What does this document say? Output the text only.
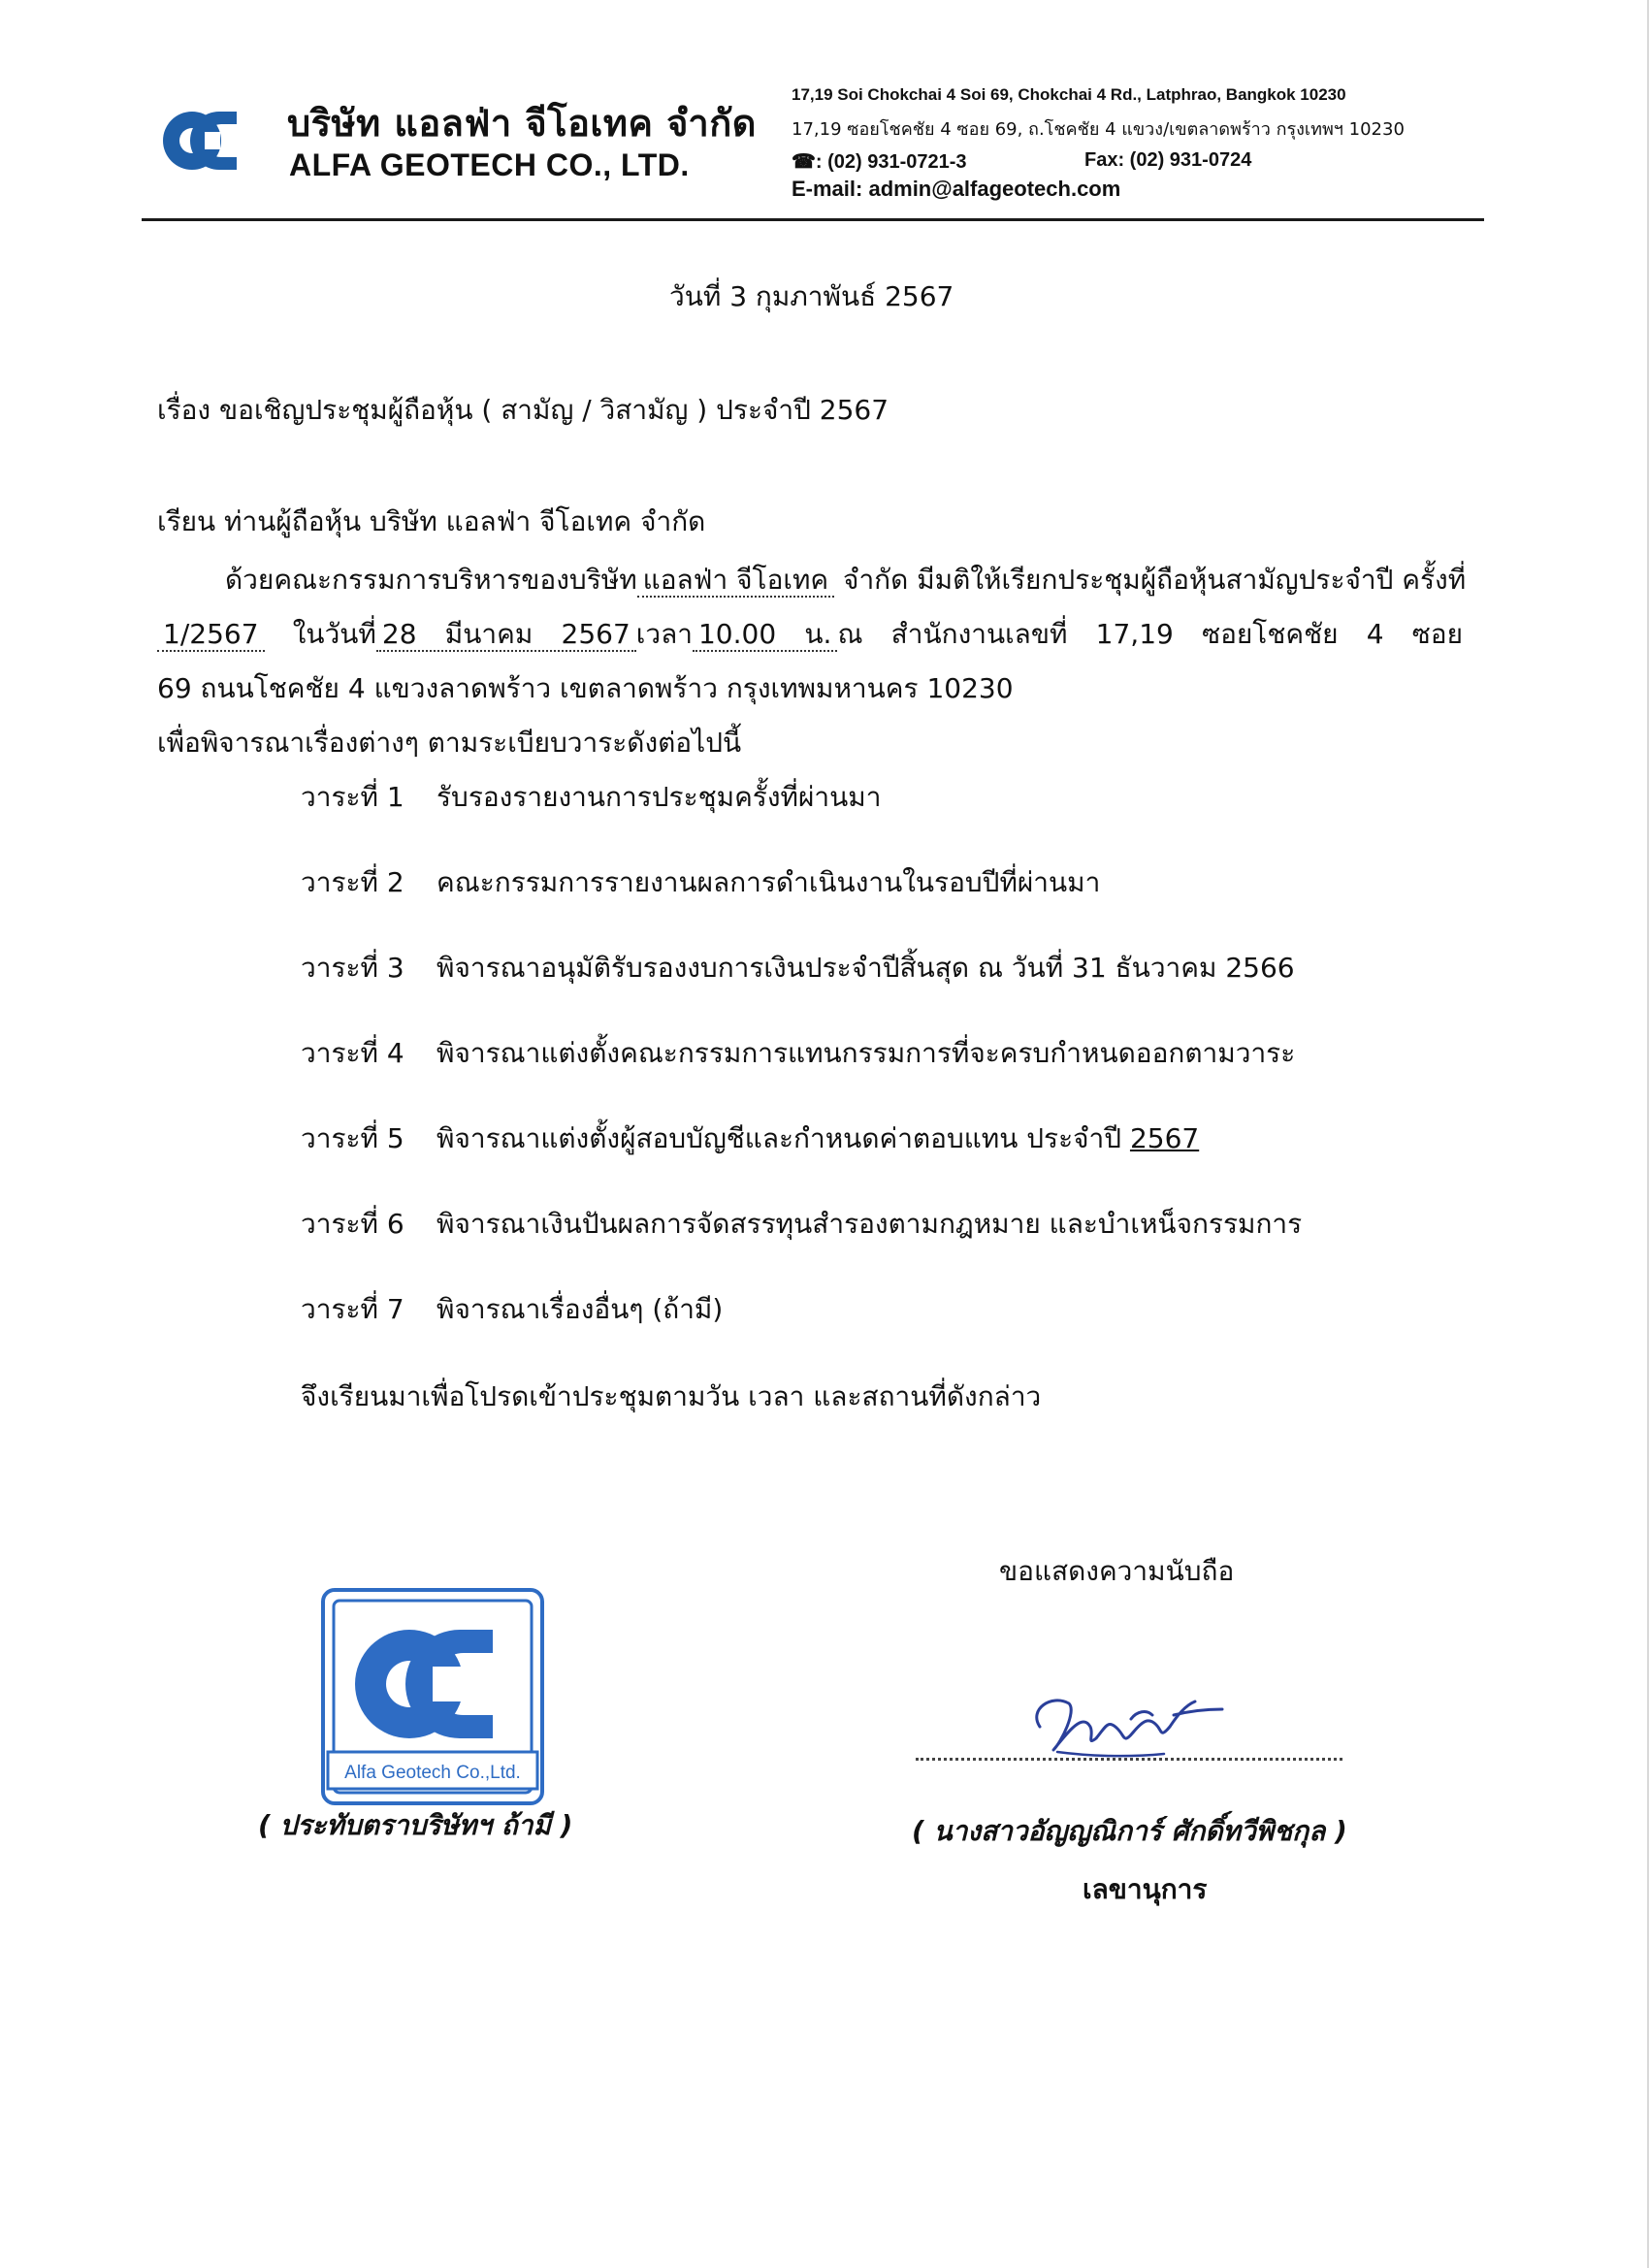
บริษัท แอลฟ่า จีโอเทค จำกัด
ALFA GEOTECH CO., LTD.
17,19 Soi Chokchai 4 Soi 69, Chokchai 4 Rd., Latphrao, Bangkok 10230
17,19 ซอยโชคชัย 4 ซอย 69, ถ.โชคชัย 4 แขวง/เขตลาดพร้าว กรุงเทพฯ 10230
☎: (02) 931-0721-3	Fax: (02) 931-0724
E-mail: admin@alfageotech.com
วันที่ 3 กุมภาพันธ์ 2567
เรื่อง ขอเชิญประชุมผู้ถือหุ้น ( สามัญ / วิสามัญ ) ประจำปี 2567
เรียน ท่านผู้ถือหุ้น บริษัท แอลฟ่า จีโอเทค จำกัด
ด้วยคณะกรรมการบริหารของบริษัท แอลฟ่า จีโอเทค จำกัด มีมติให้เรียกประชุมผู้ถือหุ้นสามัญประจำปี ครั้งที่
1/2567 ในวันที่ 28 มีนาคม 2567 เวลา 10.00 น. ณ สำนักงานเลขที่ 17,19 ซอยโชคชัย 4 ซอย
69 ถนนโชคชัย 4 แขวงลาดพร้าว เขตลาดพร้าว กรุงเทพมหานคร 10230
เพื่อพิจารณาเรื่องต่างๆ ตามระเบียบวาระดังต่อไปนี้
วาระที่ 1 รับรองรายงานการประชุมครั้งที่ผ่านมา
วาระที่ 2 คณะกรรมการรายงานผลการดำเนินงานในรอบปีที่ผ่านมา
วาระที่ 3 พิจารณาอนุมัติรับรองงบการเงินประจำปีสิ้นสุด ณ วันที่ 31 ธันวาคม 2566
วาระที่ 4 พิจารณาแต่งตั้งคณะกรรมการแทนกรรมการที่จะครบกำหนดออกตามวาระ
วาระที่ 5 พิจารณาแต่งตั้งผู้สอบบัญชีและกำหนดค่าตอบแทน ประจำปี 2567
วาระที่ 6 พิจารณาเงินปันผลการจัดสรรทุนสำรองตามกฎหมาย และบำเหน็จกรรมการ
วาระที่ 7 พิจารณาเรื่องอื่นๆ (ถ้ามี)
จึงเรียนมาเพื่อโปรดเข้าประชุมตามวัน เวลา และสถานที่ดังกล่าว
Alfa Geotech Co.,Ltd.
( ประทับตราบริษัทฯ ถ้ามี )
ขอแสดงความนับถือ
( นางสาวอัญญณิการ์ ศักดิ์ทวีพิชกุล )
เลขานุการ
